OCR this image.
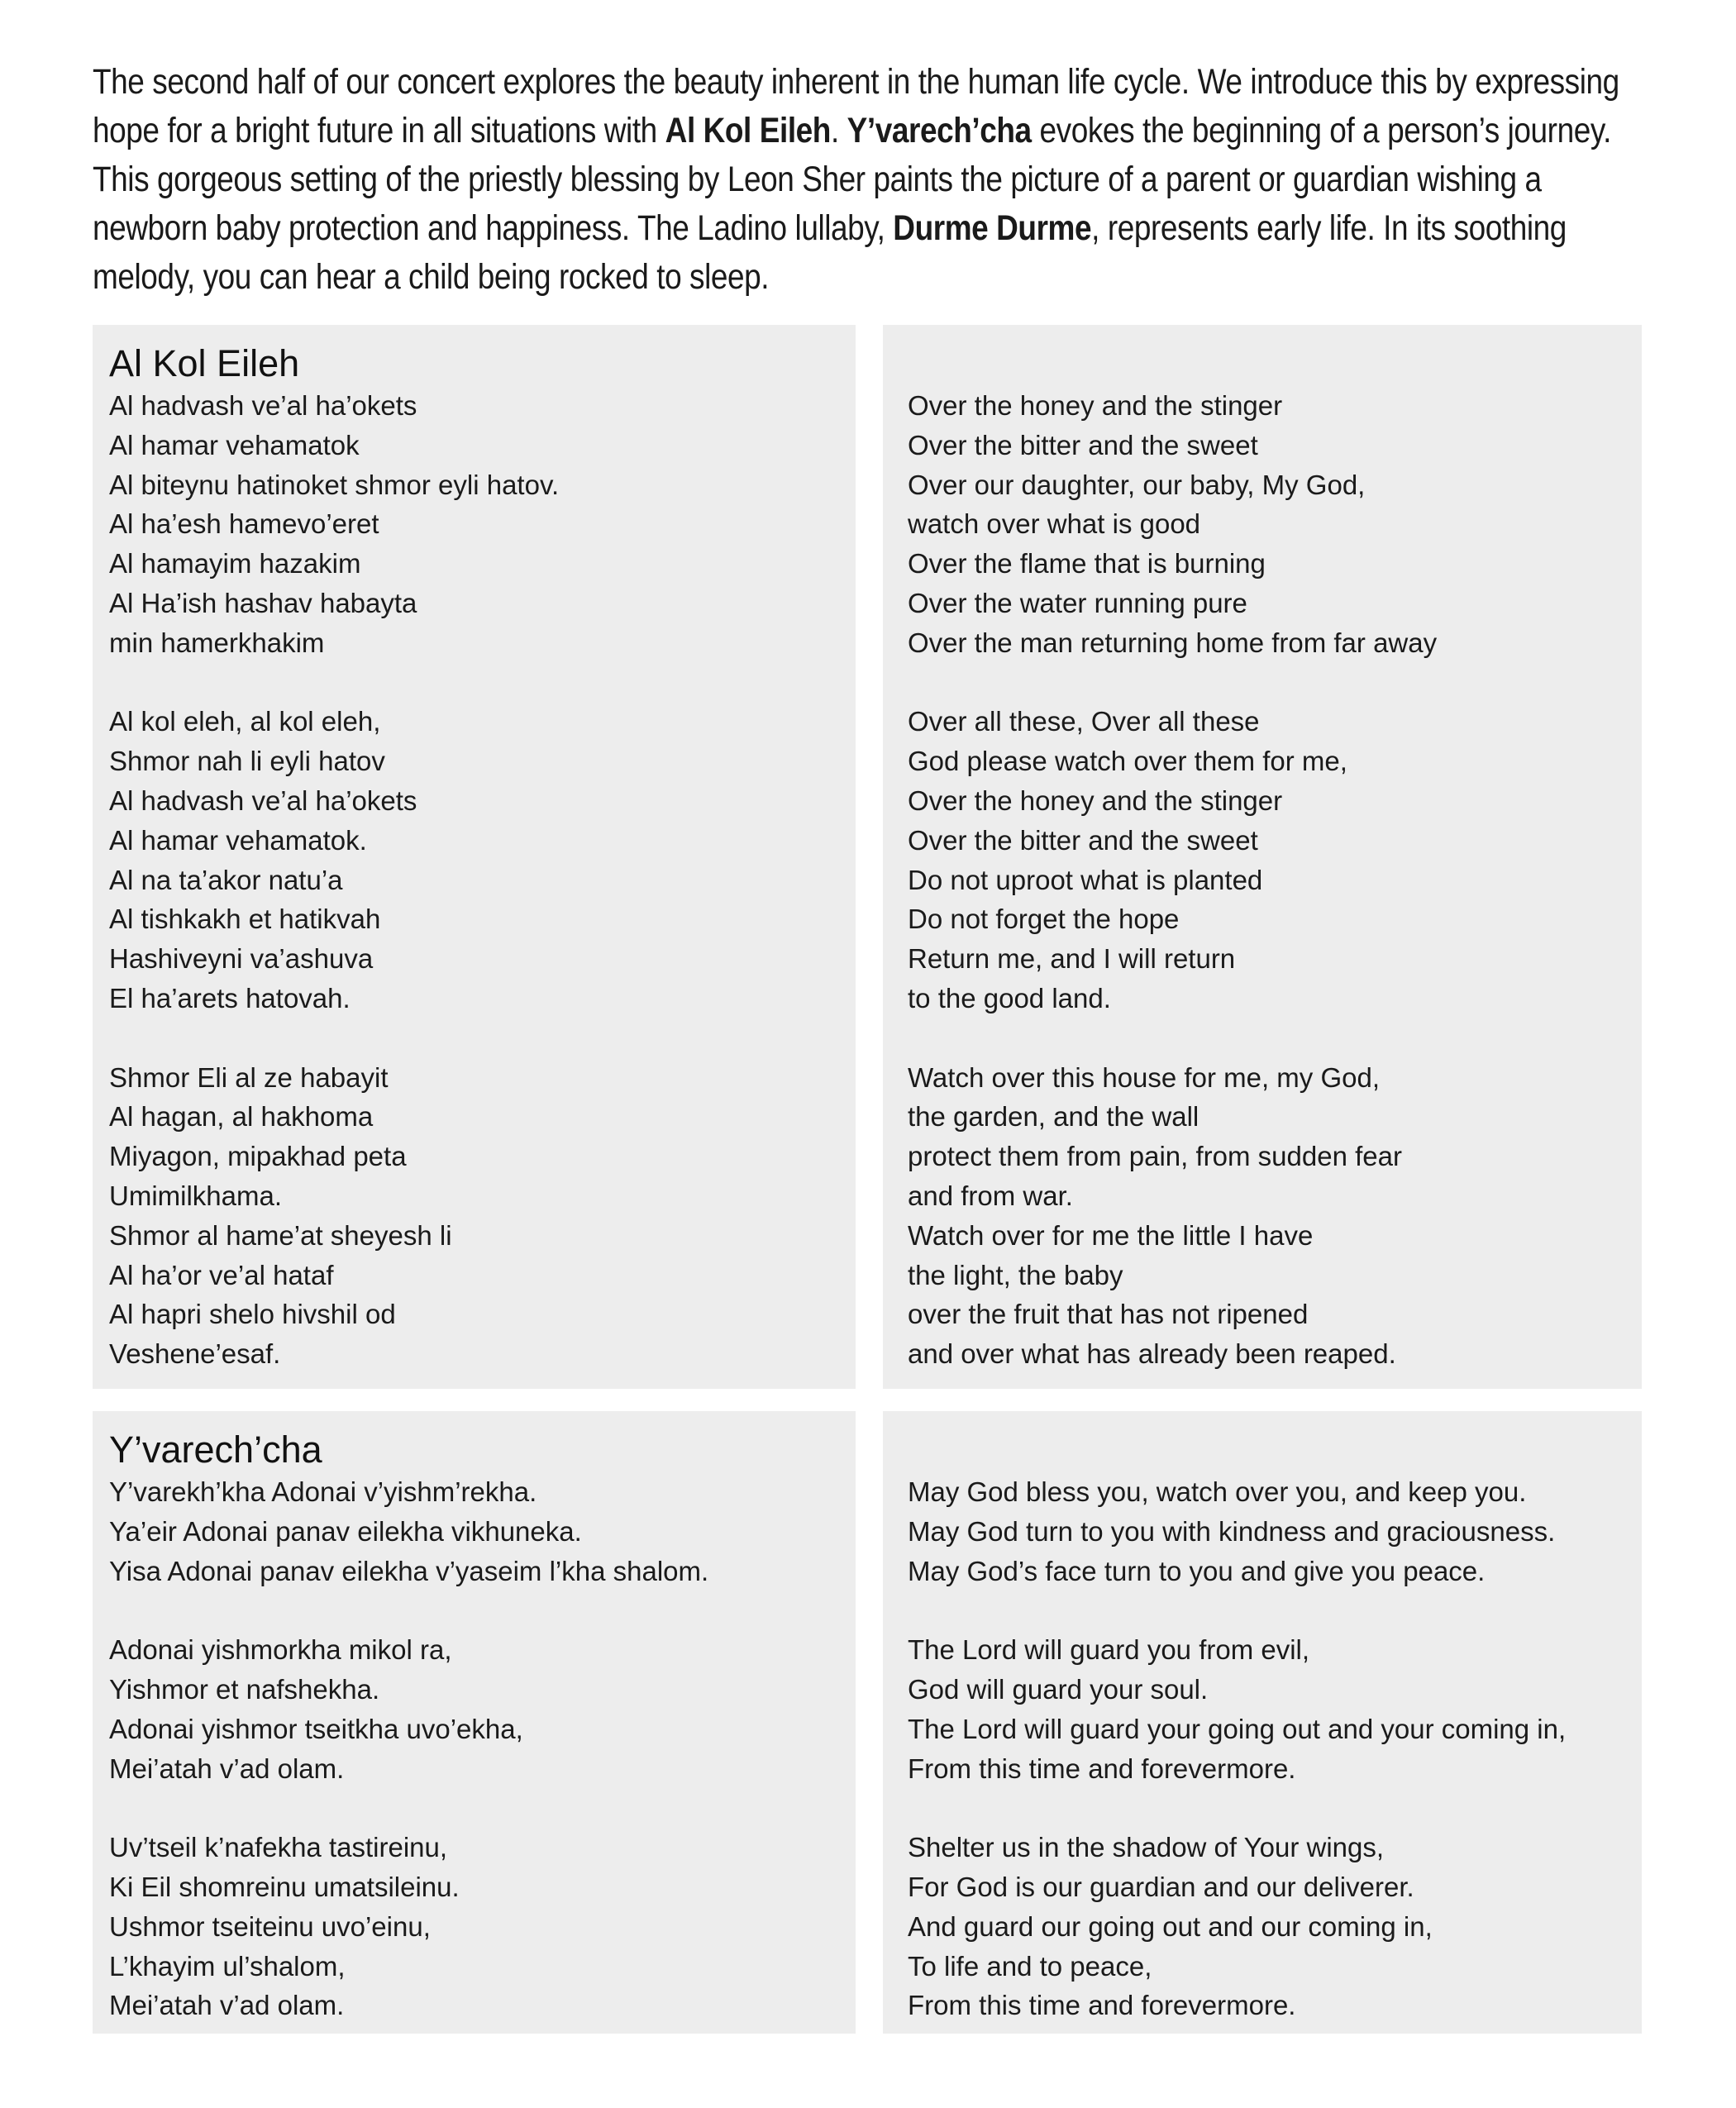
The second half of our concert explores the beauty inherent in the human life cycle. We introduce this by expressing hope for a bright future in all situations with Al Kol Eileh. Y’varech’cha evokes the beginning of a person’s journey. This gorgeous setting of the priestly blessing by Leon Sher paints the picture of a parent or guardian wishing a newborn baby protection and happiness. The Ladino lullaby, Durme Durme, represents early life. In its soothing melody, you can hear a child being rocked to sleep.

Al Kol Eileh
Al hadvash ve’al ha’okets
Al hamar vehamatok
Al biteynu hatinoket shmor eyli hatov.
Al ha’esh hamevo’eret
Al hamayim hazakim
Al Ha’ish hashav habayta
min hamerkhakim
Al kol eleh, al kol eleh,
Shmor nah li eyli hatov
Al hadvash ve’al ha’okets
Al hamar vehamatok.
Al na ta’akor natu’a
Al tishkakh et hatikvah
Hashiveyni va’ashuva
El ha’arets hatovah.
Shmor Eli al ze habayit
Al hagan, al hakhoma
Miyagon, mipakhad peta
Umimilkhama.
Shmor al hame’at sheyesh li
Al ha’or ve’al hataf
Al hapri shelo hivshil od
Veshene’esaf.
Over the honey and the stinger
Over the bitter and the sweet
Over our daughter, our baby, My God,
watch over what is good
Over the flame that is burning
Over the water running pure
Over the man returning home from far away
Over all these, Over all these
God please watch over them for me,
Over the honey and the stinger
Over the bitter and the sweet
Do not uproot what is planted
Do not forget the hope
Return me, and I will return
to the good land.
Watch over this house for me, my God,
the garden, and the wall
protect them from pain, from sudden fear
and from war.
Watch over for me the little I have
the light, the baby
over the fruit that has not ripened
and over what has already been reaped.
Y’varech’cha
Y’varekh’kha Adonai v’yishm’rekha.
Ya’eir Adonai panav eilekha vikhuneka.
Yisa Adonai panav eilekha v’yaseim l’kha shalom.
Adonai yishmorkha mikol ra,
Yishmor et nafshekha.
Adonai yishmor tseitkha uvo’ekha,
Mei’atah v’ad olam.
Uv’tseil k’nafekha tastireinu,
Ki Eil shomreinu umatsileinu.
Ushmor tseiteinu uvo’einu,
L’khayim ul’shalom,
Mei’atah v’ad olam.
May God bless you, watch over you, and keep you.
May God turn to you with kindness and graciousness.
May God’s face turn to you and give you peace.
The Lord will guard you from evil,
God will guard your soul.
The Lord will guard your going out and your coming in,
From this time and forevermore.
Shelter us in the shadow of Your wings,
For God is our guardian and our deliverer.
And guard our going out and our coming in,
To life and to peace,
From this time and forevermore.
